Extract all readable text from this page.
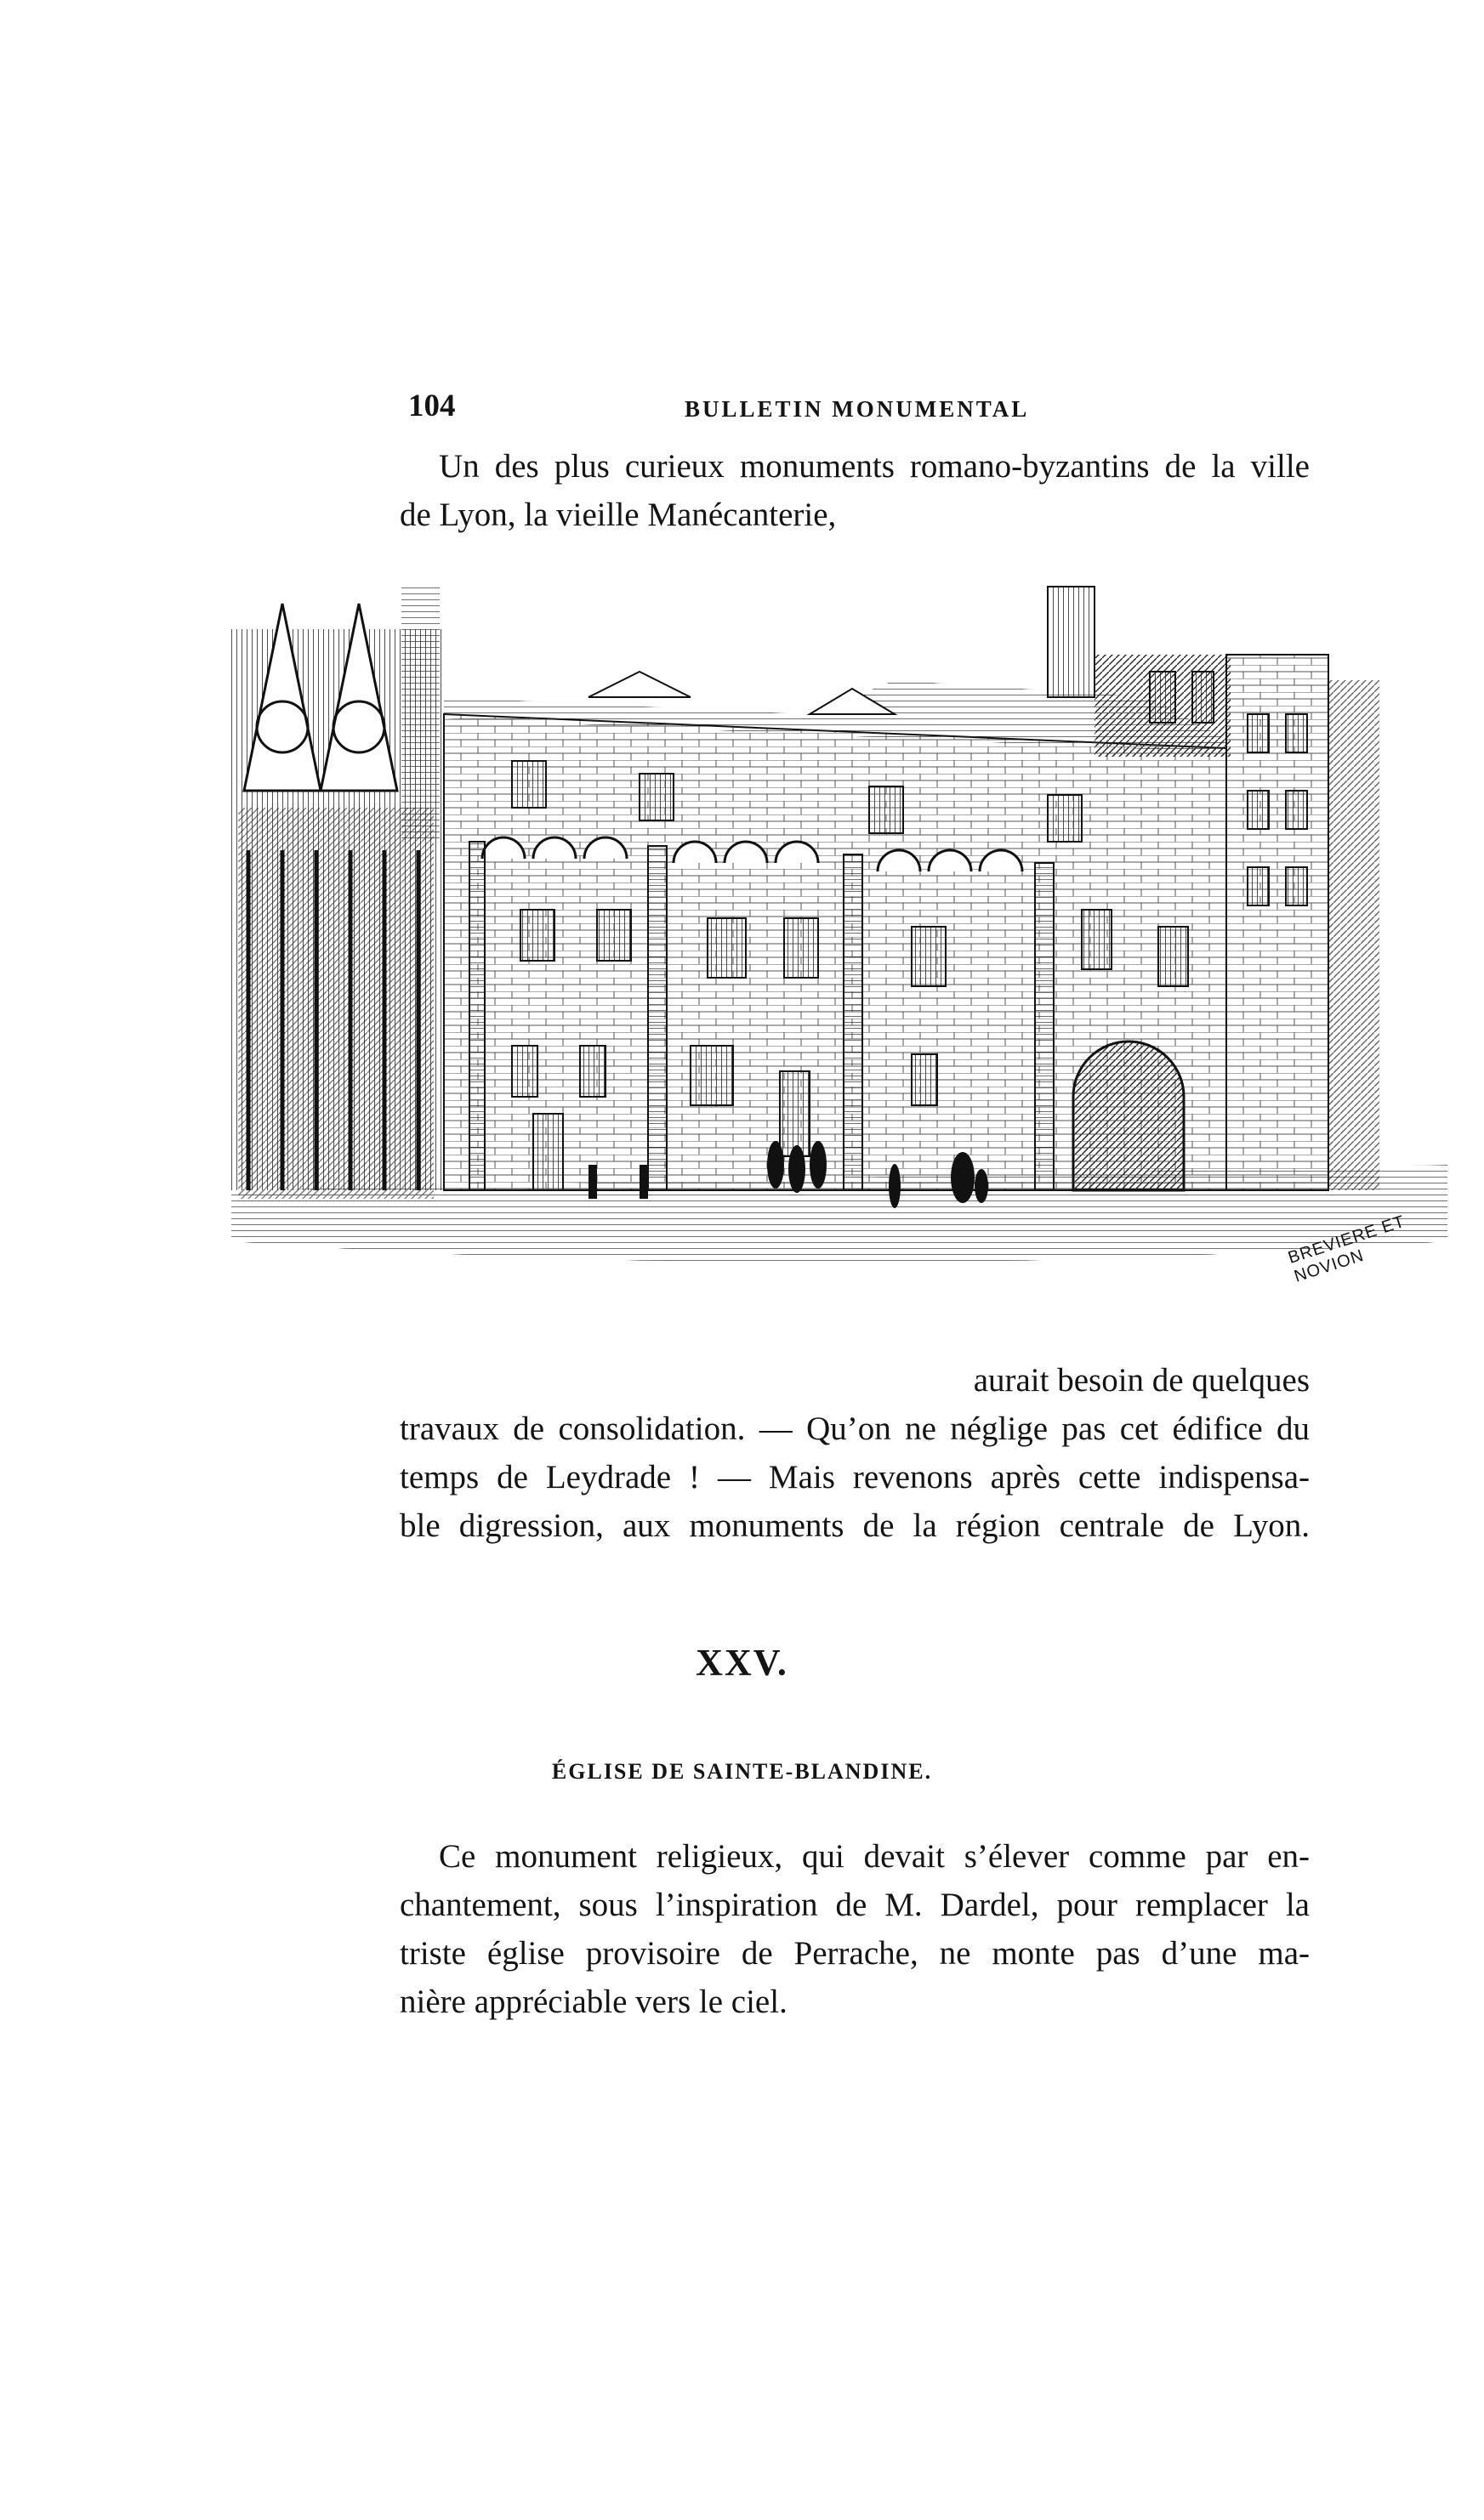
104	BULLETIN MONUMENTAL
Un des plus curieux monuments romano-byzantins de la ville
de Lyon, la vieille Manécanterie,
BREVIERE ET NOVION
aurait besoin de quelques
travaux de consolidation. — Qu’on ne néglige pas cet édifice du
temps de Leydrade ! — Mais revenons après cette indispensa-
ble digression, aux monuments de la région centrale de Lyon.
XXV.
ÉGLISE DE SAINTE-BLANDINE.
Ce monument religieux, qui devait s’élever comme par en-
chantement, sous l’inspiration de M. Dardel, pour remplacer la
triste église provisoire de Perrache, ne monte pas d’une ma-
nière appréciable vers le ciel.
